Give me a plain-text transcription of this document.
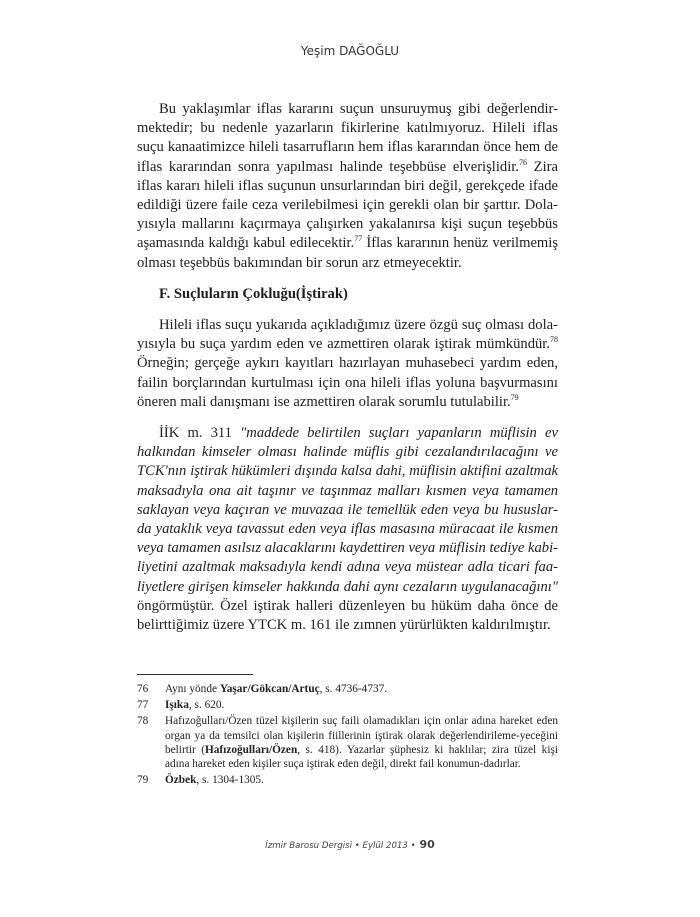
Yeşim DAĞOĞLU

Bu yaklaşımlar iflas kararını suçun unsuruymuş gibi değerlendir-mektedir; bu nedenle yazarların fikirlerine katılmıyoruz. Hileli iflas suçu kanaatimizce hileli tasarrufların hem iflas kararından önce hem de iflas kararından sonra yapılması halinde teşebbüse elverişlidir.$^{76}$ Zira iflas kararı hileli iflas suçunun unsurlarından biri değil, gerekçede ifade edildiği üzere faile ceza verilebilmesi için gerekli olan bir şarttır. Dola-yısıyla mallarını kaçırmaya çalışırken yakalanırsa kişi suçun teşebbüs aşamasında kaldığı kabul edilecektir.$^{77}$ İflas kararının henüz verilmemiş olması teşebbüs bakımından bir sorun arz etmeyecektir.

F. Suçluların Çokluğu(İştirak)

Hileli iflas suçu yukarıda açıkladığımız üzere özgü suç olması dola-yısıyla bu suça yardım eden ve azmettiren olarak iştirak mümkündür.$^{78}$ Örneğin; gerçeğe aykırı kayıtları hazırlayan muhasebeci yardım eden, failin borçlarından kurtulması için ona hileli iflas yoluna başvurmasını öneren mali danışmanı ise azmettiren olarak sorumlu tutulabilir.$^{79}$

İİK m. 311 "maddede belirtilen suçları yapanların müflisin ev halkından kimseler olması halinde müflis gibi cezalandırılacağını ve TCK'nın iştirak hükümleri dışında kalsa dahi, müflisin aktifini azaltmak maksadıyla ona ait taşınır ve taşınmaz malları kısmen veya tamamen saklayan veya kaçıran ve muvazaa ile temellük eden veya bu hususlar-da yataklık veya tavassut eden veya iflas masasına müracaat ile kısmen veya tamamen asılsız alacaklarını kaydettiren veya müflisin tediye kabi-liyetini azaltmak maksadıyla kendi adına veya müstear adla ticari faa-liyetlere girişen kimseler hakkında dahi aynı cezaların uygulanacağını" öngörmüştür. Özel iştirak halleri düzenleyen bu hüküm daha önce de belirttiğimiz üzere YTCK m. 161 ile zımnen yürürlükten kaldırılmıştır.

76	Aynı yönde Yaşar/Gökcan/Artuç, s. 4736-4737.
77	Işıka, s. 620.
78	Hafızoğulları/Özen tüzel kişilerin suç faili olamadıkları için onlar adına hareket eden organ ya da temsilci olan kişilerin fiillerinin iştirak olarak değerlendirileme-yeceğini belirtir (Hafızoğulları/Özen, s. 418). Yazarlar şüphesiz ki haklılar; zira tüzel kişi adına hareket eden kişiler suça iştirak eden değil, direkt fail konumun-dadırlar.
79	Özbek, s. 1304-1305.
İzmir Barosu Dergisi • Eylül 2013 • 90
